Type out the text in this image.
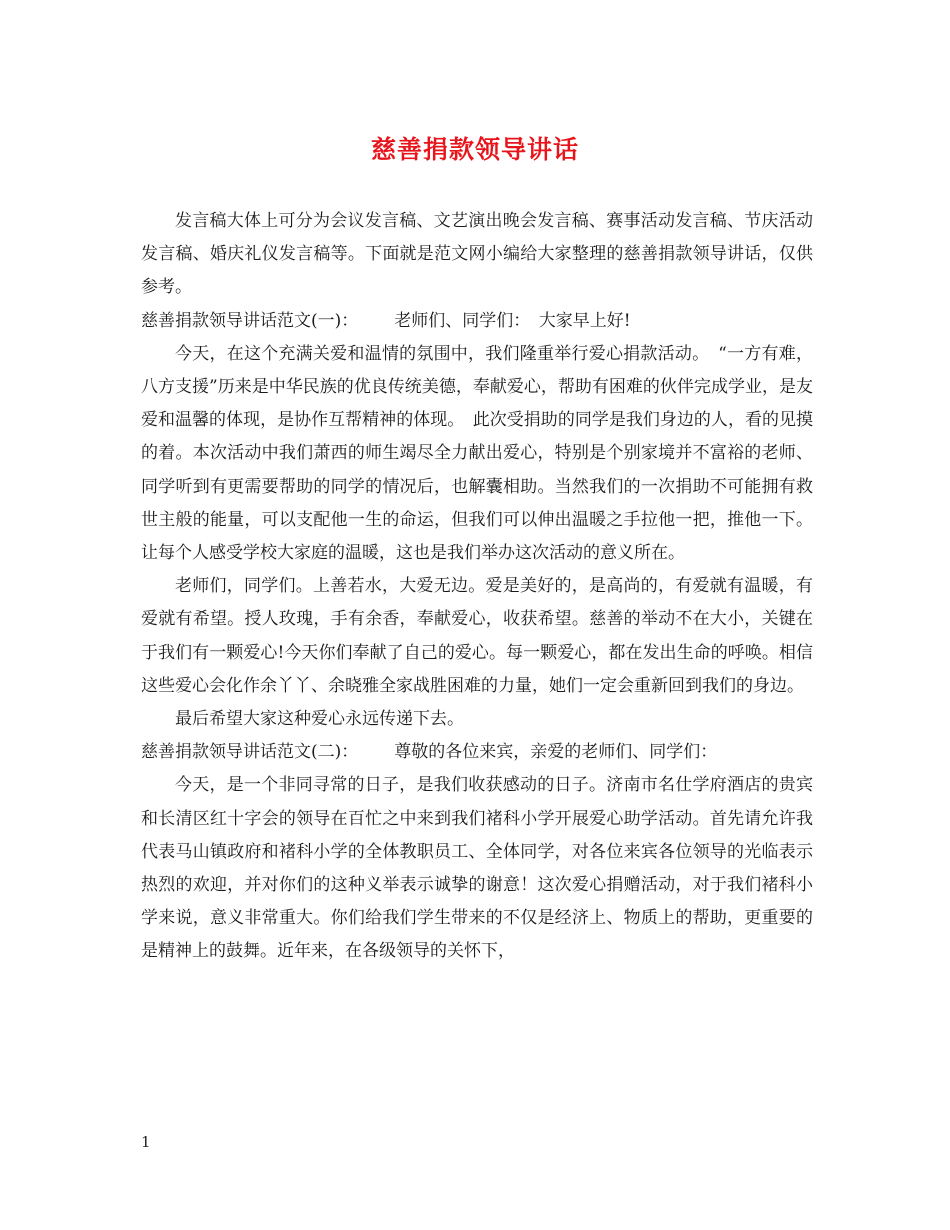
慈善捐款领导讲话

发言稿大体上可分为会议发言稿、文艺演出晚会发言稿、赛事活动发言稿、节庆活动发言稿、婚庆礼仪发言稿等。下面就是范文网小编给大家整理的慈善捐款领导讲话，仅供参考。

慈善捐款领导讲话范文(一)： 老师们、同学们：　大家早上好!

今天，在这个充满关爱和温情的氛围中，我们隆重举行爱心捐款活动。　“一方有难，八方支援”历来是中华民族的优良传统美德，奉献爱心，帮助有困难的伙伴完成学业，是友爱和温馨的体现，是协作互帮精神的体现。　此次受捐助的同学是我们身边的人，看的见摸的着。本次活动中我们萧西的师生竭尽全力献出爱心，特别是个别家境并不富裕的老师、同学听到有更需要帮助的同学的情况后，也解囊相助。当然我们的一次捐助不可能拥有救世主般的能量，可以支配他一生的命运，但我们可以伸出温暖之手拉他一把，推他一下。让每个人感受学校大家庭的温暖，这也是我们举办这次活动的意义所在。

老师们，同学们。上善若水，大爱无边。爱是美好的，是高尚的，有爱就有温暖，有爱就有希望。授人玫瑰，手有余香，奉献爱心，收获希望。慈善的举动不在大小，关键在于我们有一颗爱心!今天你们奉献了自己的爱心。每一颗爱心，都在发出生命的呼唤。相信这些爱心会化作余丫丫、余晓雅全家战胜困难的力量，她们一定会重新回到我们的身边。

最后希望大家这种爱心永远传递下去。

慈善捐款领导讲话范文(二)： 尊敬的各位来宾，亲爱的老师们、同学们：

今天，是一个非同寻常的日子，是我们收获感动的日子。济南市名仕学府酒店的贵宾和长清区红十字会的领导在百忙之中来到我们褚科小学开展爱心助学活动。首先请允许我代表马山镇政府和褚科小学的全体教职员工、全体同学，对各位来宾各位领导的光临表示热烈的欢迎，并对你们的这种义举表示诚挚的谢意！这次爱心捐赠活动，对于我们褚科小学来说，意义非常重大。你们给我们学生带来的不仅是经济上、物质上的帮助，更重要的是精神上的鼓舞。近年来，在各级领导的关怀下，

1
